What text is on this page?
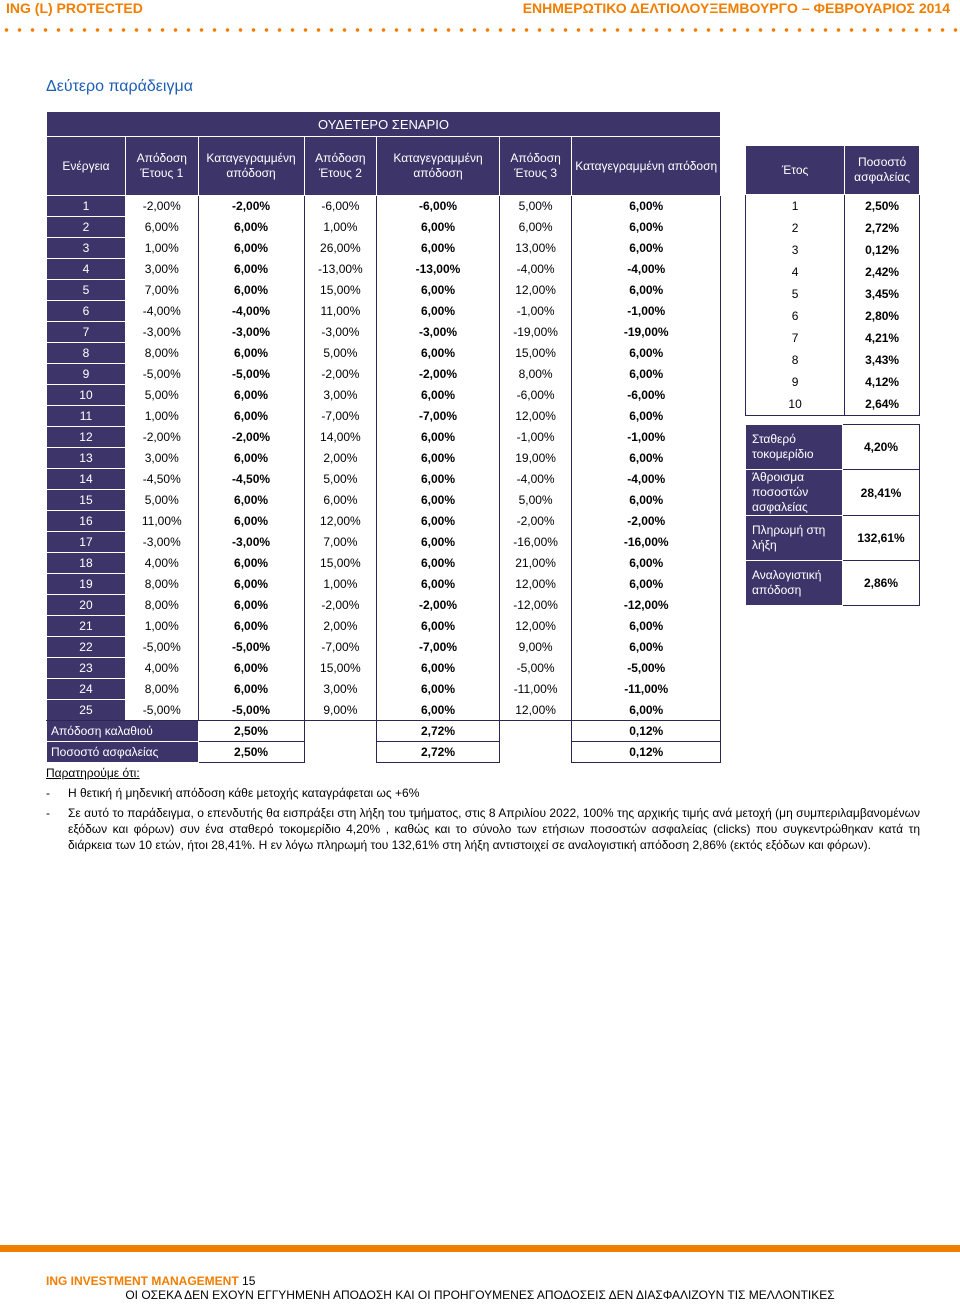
ING (L) PROTECTED	ΕΝΗΜΕΡΩΤΙΚΟ ΔΕΛΤΙΟΛΟΥΞΕΜΒΟΥΡΓΟ – ΦΕΒΡΟΥΑΡΙΟΣ 2014
Δεύτερο παράδειγμα
ΟΥΔΕΤΕΡΟ ΣΕΝΑΡΙΟ						
Ενέργεια	Απόδοση Έτους 1	Καταγεγραμμένη απόδοση	Απόδοση Έτους 2	Καταγεγραμμένη απόδοση	Απόδοση Έτους 3	Καταγεγραμμένη απόδοση
1	-2,00%	-2,00%	-6,00%	-6,00%	5,00%	6,00%
2	6,00%	6,00%	1,00%	6,00%	6,00%	6,00%
3	1,00%	6,00%	26,00%	6,00%	13,00%	6,00%
4	3,00%	6,00%	-13,00%	-13,00%	-4,00%	-4,00%
5	7,00%	6,00%	15,00%	6,00%	12,00%	6,00%
6	-4,00%	-4,00%	11,00%	6,00%	-1,00%	-1,00%
7	-3,00%	-3,00%	-3,00%	-3,00%	-19,00%	-19,00%
8	8,00%	6,00%	5,00%	6,00%	15,00%	6,00%
9	-5,00%	-5,00%	-2,00%	-2,00%	8,00%	6,00%
10	5,00%	6,00%	3,00%	6,00%	-6,00%	-6,00%
11	1,00%	6,00%	-7,00%	-7,00%	12,00%	6,00%
12	-2,00%	-2,00%	14,00%	6,00%	-1,00%	-1,00%
13	3,00%	6,00%	2,00%	6,00%	19,00%	6,00%
14	-4,50%	-4,50%	5,00%	6,00%	-4,00%	-4,00%
15	5,00%	6,00%	6,00%	6,00%	5,00%	6,00%
16	11,00%	6,00%	12,00%	6,00%	-2,00%	-2,00%
17	-3,00%	-3,00%	7,00%	6,00%	-16,00%	-16,00%
18	4,00%	6,00%	15,00%	6,00%	21,00%	6,00%
19	8,00%	6,00%	1,00%	6,00%	12,00%	6,00%
20	8,00%	6,00%	-2,00%	-2,00%	-12,00%	-12,00%
21	1,00%	6,00%	2,00%	6,00%	12,00%	6,00%
22	-5,00%	-5,00%	-7,00%	-7,00%	9,00%	6,00%
23	4,00%	6,00%	15,00%	6,00%	-5,00%	-5,00%
24	8,00%	6,00%	3,00%	6,00%	-11,00%	-11,00%
25	-5,00%	-5,00%	9,00%	6,00%	12,00%	6,00%
Απόδοση καλαθιού		2,50%		2,72%		0,12%
Ποσοστό ασφαλείας		2,50%		2,72%		0,12%
Έτος	Ποσοστό ασφαλείας
1	2,50%
2	2,72%
3	0,12%
4	2,42%
5	3,45%
6	2,80%
7	4,21%
8	3,43%
9	4,12%
10	2,64%
Σταθερό τοκομερίδιο	4,20%
Άθροισμα ποσοστών ασφαλείας	28,41%
Πληρωμή στη λήξη	132,61%
Αναλογιστική απόδοση	2,86%
Παρατηρούμε ότι:
- Η θετική ή μηδενική απόδοση κάθε μετοχής καταγράφεται ως +6%
- Σε αυτό το παράδειγμα, ο επενδυτής θα εισπράξει στη λήξη του τμήματος, στις 8 Απριλίου 2022, 100% της αρχικής τιμής ανά μετοχή (μη συμπεριλαμβανομένων εξόδων και φόρων) συν ένα σταθερό τοκομερίδιο 4,20% , καθώς και το σύνολο των ετήσιων ποσοστών ασφαλείας (clicks) που συγκεντρώθηκαν κατά τη διάρκεια των 10 ετών, ήτοι 28,41%. Η εν λόγω πληρωμή του 132,61% στη λήξη αντιστοιχεί σε αναλογιστική απόδοση 2,86% (εκτός εξόδων και φόρων).
ING INVESTMENT MANAGEMENT 15
ΟΙ ΟΣΕΚΑ ΔΕΝ ΕΧΟΥΝ ΕΓΓΥΗΜΕΝΗ ΑΠΟΔΟΣΗ ΚΑΙ ΟΙ ΠΡΟΗΓΟΥΜΕΝΕΣ ΑΠΟΔΟΣΕΙΣ ΔΕΝ ΔΙΑΣΦΑΛΙΖΟΥΝ ΤΙΣ ΜΕΛΛΟΝΤΙΚΕΣ
